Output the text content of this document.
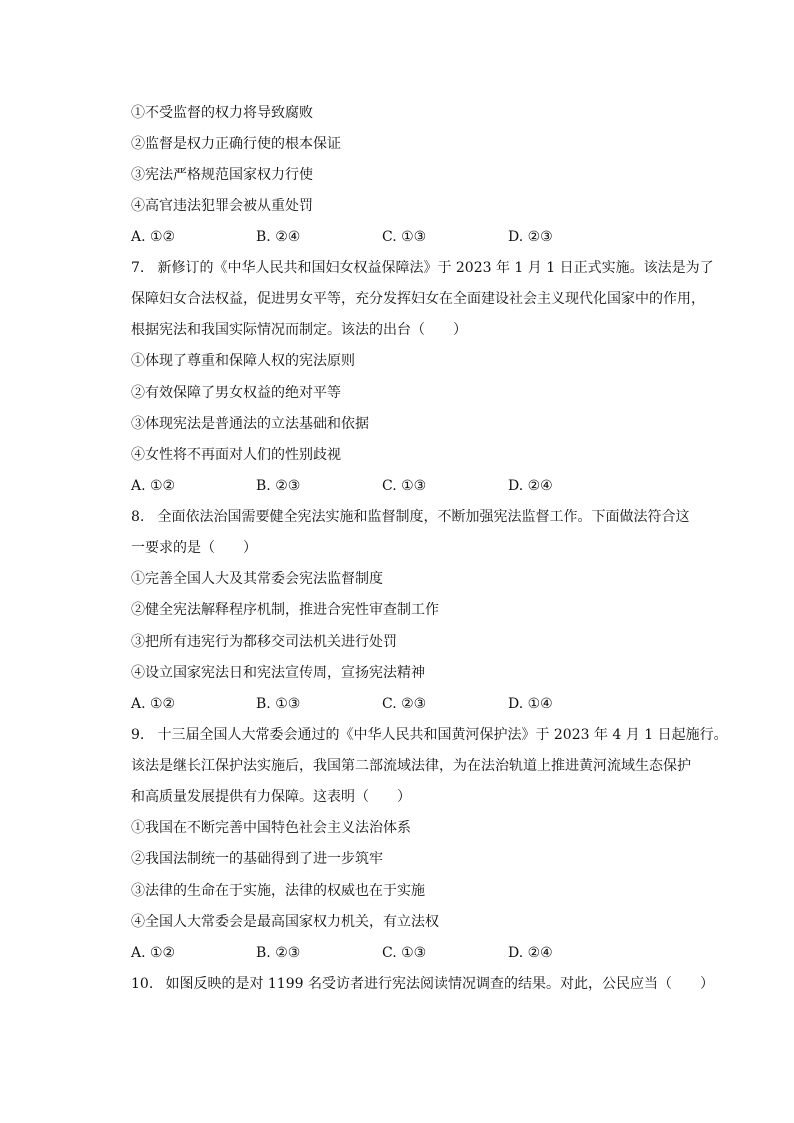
①不受监督的权力将导致腐败
②监督是权力正确行使的根本保证
③宪法严格规范国家权力行使
④高官违法犯罪会被从重处罚
A. ①②	B. ②④	C. ①③	D. ②③
7. 新修订的《中华人民共和国妇女权益保障法》于 2023 年 1 月 1 日正式实施。该法是为了
保障妇女合法权益，促进男女平等，充分发挥妇女在全面建设社会主义现代化国家中的作用，
根据宪法和我国实际情况而制定。该法的出台（　　）
①体现了尊重和保障人权的宪法原则
②有效保障了男女权益的绝对平等
③体现宪法是普通法的立法基础和依据
④女性将不再面对人们的性别歧视
A. ①②	B. ②③	C. ①③	D. ②④
8. 全面依法治国需要健全宪法实施和监督制度，不断加强宪法监督工作。下面做法符合这
一要求的是（　　）
①完善全国人大及其常委会宪法监督制度
②健全宪法解释程序机制，推进合宪性审查制工作
③把所有违宪行为都移交司法机关进行处罚
④设立国家宪法日和宪法宣传周，宣扬宪法精神
A. ①②	B. ①③	C. ②③	D. ①④
9. 十三届全国人大常委会通过的《中华人民共和国黄河保护法》于 2023 年 4 月 1 日起施行。
该法是继长江保护法实施后，我国第二部流域法律，为在法治轨道上推进黄河流域生态保护
和高质量发展提供有力保障。这表明（　　）
①我国在不断完善中国特色社会主义法治体系
②我国法制统一的基础得到了进一步筑牢
③法律的生命在于实施，法律的权威也在于实施
④全国人大常委会是最高国家权力机关，有立法权
A. ①②	B. ②③	C. ①③	D. ②④
10. 如图反映的是对 1199 名受访者进行宪法阅读情况调查的结果。对此，公民应当（　　）
